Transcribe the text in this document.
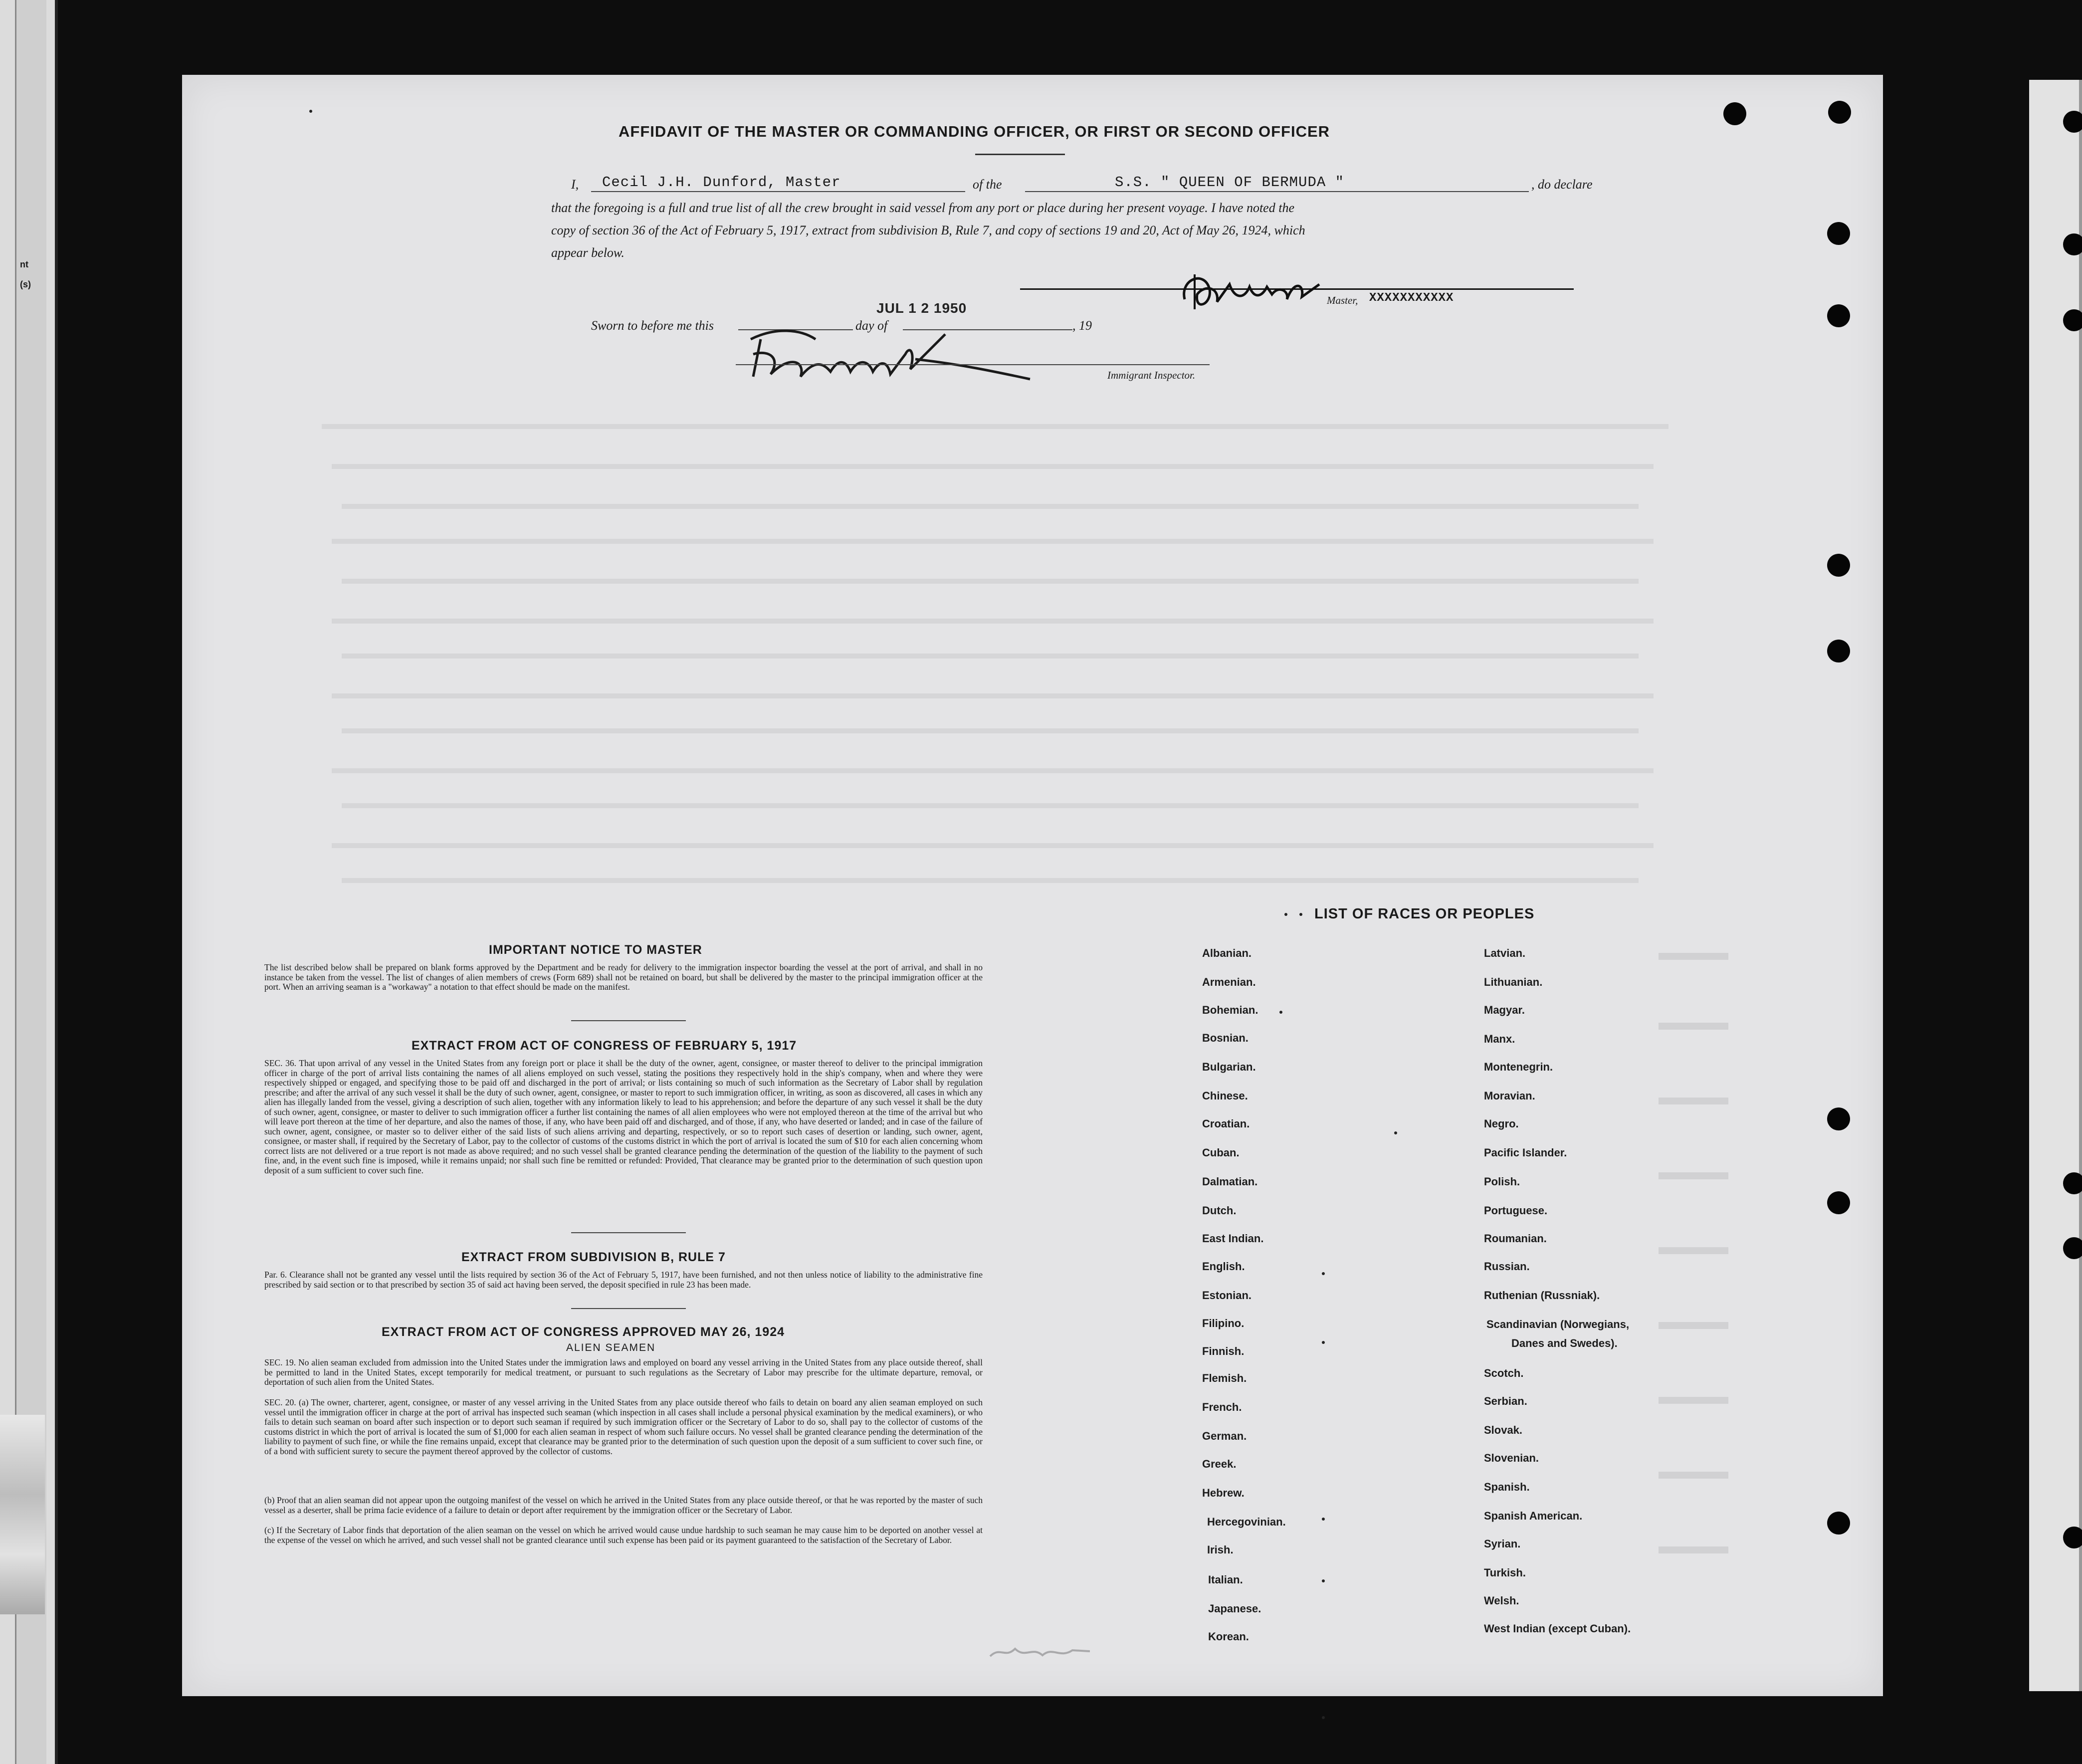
nt
(s)
AFFIDAVIT OF THE MASTER OR COMMANDING OFFICER, OR FIRST OR SECOND OFFICER
I, Cecil J.H. Dunford, Master	of the	S.S. " QUEEN OF BERMUDA "	, do declare
that the foregoing is a full and true list of all the crew brought in said vessel from any port or place during her present voyage. I have noted the
copy of section 36 of the Act of February 5, 1917, extract from subdivision B, Rule 7, and copy of sections 19 and 20, Act of May 26, 1924, which
appear below.
Master, XXXXXXXXXXX
Sworn to before me this
JUL 1 2 1950
day of	, 19
Immigrant Inspector.
IMPORTANT NOTICE TO MASTER
The list described below shall be prepared on blank forms approved by the Department and be ready for delivery to the immigration inspector boarding the vessel at the port of arrival, and shall in no instance be taken from the vessel. The list of changes of alien members of crews (Form 689) shall not be retained on board, but shall be delivered by the master to the principal immigration officer at the port. When an arriving seaman is a "workaway" a notation to that effect should be made on the manifest.
EXTRACT FROM ACT OF CONGRESS OF FEBRUARY 5, 1917
SEC. 36. That upon arrival of any vessel in the United States from any foreign port or place it shall be the duty of the owner, agent, consignee, or master thereof to deliver to the principal immigration officer in charge of the port of arrival lists containing the names of all aliens employed on such vessel, stating the positions they respectively hold in the ship's company, when and where they were respectively shipped or engaged, and specifying those to be paid off and discharged in the port of arrival; or lists containing so much of such information as the Secretary of Labor shall by regulation prescribe; and after the arrival of any such vessel it shall be the duty of such owner, agent, consignee, or master to report to such immigration officer, in writing, as soon as discovered, all cases in which any alien has illegally landed from the vessel, giving a description of such alien, together with any information likely to lead to his apprehension; and before the departure of any such vessel it shall be the duty of such owner, agent, consignee, or master to deliver to such immigration officer a further list containing the names of all alien employees who were not employed thereon at the time of the arrival but who will leave port thereon at the time of her departure, and also the names of those, if any, who have been paid off and discharged, and of those, if any, who have deserted or landed; and in case of the failure of such owner, agent, consignee, or master so to deliver either of the said lists of such aliens arriving and departing, respectively, or so to report such cases of desertion or landing, such owner, agent, consignee, or master shall, if required by the Secretary of Labor, pay to the collector of customs of the customs district in which the port of arrival is located the sum of $10 for each alien concerning whom correct lists are not delivered or a true report is not made as above required; and no such vessel shall be granted clearance pending the determination of the question of the liability to the payment of such fine, and, in the event such fine is imposed, while it remains unpaid; nor shall such fine be remitted or refunded: Provided, That clearance may be granted prior to the determination of such question upon deposit of a sum sufficient to cover such fine.
EXTRACT FROM SUBDIVISION B, RULE 7
Par. 6. Clearance shall not be granted any vessel until the lists required by section 36 of the Act of February 5, 1917, have been furnished, and not then unless notice of liability to the administrative fine prescribed by said section or to that prescribed by section 35 of said act having been served, the deposit specified in rule 23 has been made.
EXTRACT FROM ACT OF CONGRESS APPROVED MAY 26, 1924
ALIEN SEAMEN
SEC. 19. No alien seaman excluded from admission into the United States under the immigration laws and employed on board any vessel arriving in the United States from any place outside thereof, shall be permitted to land in the United States, except temporarily for medical treatment, or pursuant to such regulations as the Secretary of Labor may prescribe for the ultimate departure, removal, or deportation of such alien from the United States.
SEC. 20. (a) The owner, charterer, agent, consignee, or master of any vessel arriving in the United States from any place outside thereof who fails to detain on board any alien seaman employed on such vessel until the immigration officer in charge at the port of arrival has inspected such seaman (which inspection in all cases shall include a personal physical examination by the medical examiners), or who fails to detain such seaman on board after such inspection or to deport such seaman if required by such immigration officer or the Secretary of Labor to do so, shall pay to the collector of customs of the customs district in which the port of arrival is located the sum of $1,000 for each alien seaman in respect of whom such failure occurs. No vessel shall be granted clearance pending the determination of the liability to payment of such fine, or while the fine remains unpaid, except that clearance may be granted prior to the determination of such question upon the deposit of a sum sufficient to cover such fine, or of a bond with sufficient surety to secure the payment thereof approved by the collector of customs.
(b) Proof that an alien seaman did not appear upon the outgoing manifest of the vessel on which he arrived in the United States from any place outside thereof, or that he was reported by the master of such vessel as a deserter, shall be prima facie evidence of a failure to detain or deport after requirement by the immigration officer or the Secretary of Labor.
(c) If the Secretary of Labor finds that deportation of the alien seaman on the vessel on which he arrived would cause undue hardship to such seaman he may cause him to be deported on another vessel at the expense of the vessel on which he arrived, and such vessel shall not be granted clearance until such expense has been paid or its payment guaranteed to the satisfaction of the Secretary of Labor.
LIST OF RACES OR PEOPLES
Danes and Swedes).
Albanian.
Armenian.
Bohemian.
Bosnian.
Bulgarian.
Chinese.
Croatian.
Cuban.
Dalmatian.
Dutch.
East Indian.
English.
Estonian.
Filipino.
Finnish.
Flemish.
French.
German.
Greek.
Hebrew.
Hercegovinian.
Irish.
Italian.
Japanese.
Korean.
Latvian.
Lithuanian.
Magyar.
Manx.
Montenegrin.
Moravian.
Negro.
Pacific Islander.
Polish.
Portuguese.
Roumanian.
Russian.
Ruthenian (Russniak).
Scandinavian (Norwegians,
Scotch.
Serbian.
Slovak.
Slovenian.
Spanish.
Spanish American.
Syrian.
Turkish.
Welsh.
West Indian (except Cuban).
